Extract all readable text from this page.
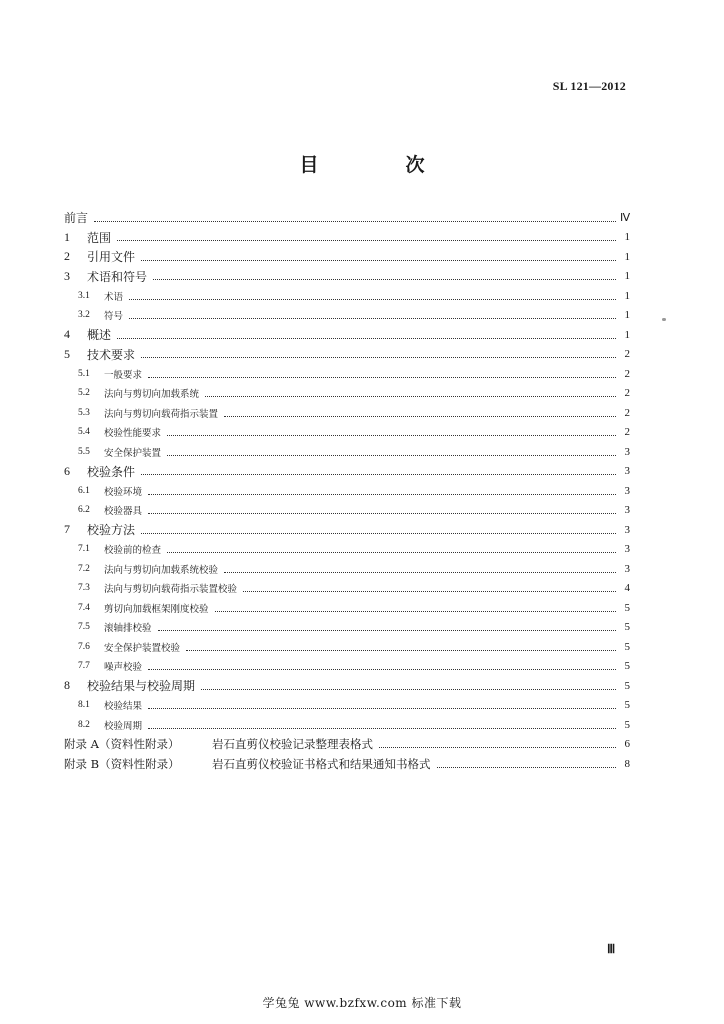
SL 121—2012
目　次
前言	Ⅳ
1	范围	1
2	引用文件	1
3	术语和符号	1
3.1	术语	1
3.2	符号	1
4	概述	1
5	技术要求	2
5.1	一般要求	2
5.2	法向与剪切向加载系统	2
5.3	法向与剪切向载荷指示装置	2
5.4	校验性能要求	2
5.5	安全保护装置	3
6	校验条件	3
6.1	校验环境	3
6.2	校验器具	3
7	校验方法	3
7.1	校验前的检查	3
7.2	法向与剪切向加载系统校验	3
7.3	法向与剪切向载荷指示装置校验	4
7.4	剪切向加载框架刚度校验	5
7.5	滚轴排校验	5
7.6	安全保护装置校验	5
7.7	噪声校验	5
8	校验结果与校验周期	5
8.1	校验结果	5
8.2	校验周期	5
附录 A（资料性附录）	岩石直剪仪校验记录整理表格式	6
附录 B（资料性附录）	岩石直剪仪校验证书格式和结果通知书格式	8
Ⅲ
学兔兔 www.bzfxw.com 标准下载
